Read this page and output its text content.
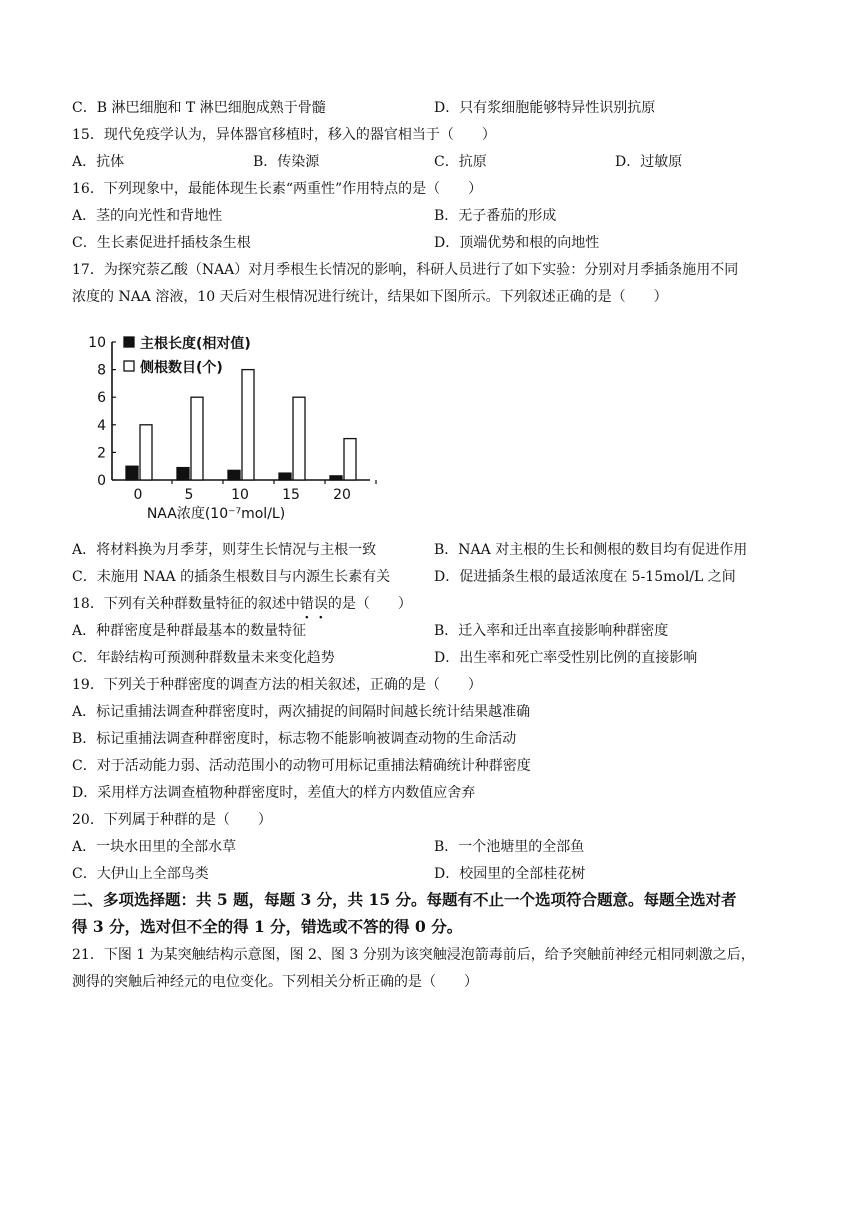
C．B 淋巴细胞和 T 淋巴细胞成熟于骨髓	D．只有浆细胞能够特异性识别抗原
15．现代免疫学认为，异体器官移植时，移入的器官相当于（　　）
A．抗体	B．传染源	C．抗原	D．过敏原
16．下列现象中，最能体现生长素“两重性”作用特点的是（　　）
A．茎的向光性和背地性	B．无子番茄的形成
C．生长素促进扦插枝条生根	D．顶端优势和根的向地性
17．为探究萘乙酸（NAA）对月季根生长情况的影响，科研人员进行了如下实验：分别对月季插条施用不同
浓度的 NAA 溶液，10 天后对生根情况进行统计，结果如下图所示。下列叙述正确的是（　　）
0
2
4
6
8
10
0	5	10 15 20
NAA浓度(10⁻⁷mol/L)
主根长度(相对值)
侧根数目(个)
A．将材料换为月季芽，则芽生长情况与主根一致	B．NAA 对主根的生长和侧根的数目均有促进作用
C．未施用 NAA 的插条生根数目与内源生长素有关	D．促进插条生根的最适浓度在 5-15mol/L 之间
18．下列有关种群数量特征的叙述中错误的是（　　）
A．种群密度是种群最基本的数量特征	B．迁入率和迁出率直接影响种群密度
C．年龄结构可预测种群数量未来变化趋势	D．出生率和死亡率受性别比例的直接影响
19．下列关于种群密度的调查方法的相关叙述，正确的是（　　）
A．标记重捕法调查种群密度时，两次捕捉的间隔时间越长统计结果越准确
B．标记重捕法调查种群密度时，标志物不能影响被调查动物的生命活动
C．对于活动能力弱、活动范围小的动物可用标记重捕法精确统计种群密度
D．采用样方法调查植物种群密度时，差值大的样方内数值应舍弃
20．下列属于种群的是（　　）
A．一块水田里的全部水草	B．一个池塘里的全部鱼
C．大伊山上全部鸟类	D．校园里的全部桂花树
二、多项选择题：共 5 题，每题 3 分，共 15 分。每题有不止一个选项符合题意。每题全选对者
得 3 分，选对但不全的得 1 分，错选或不答的得 0 分。
21．下图 1 为某突触结构示意图，图 2、图 3 分别为该突触浸泡箭毒前后，给予突触前神经元相同刺激之后，
测得的突触后神经元的电位变化。下列相关分析正确的是（　　）
